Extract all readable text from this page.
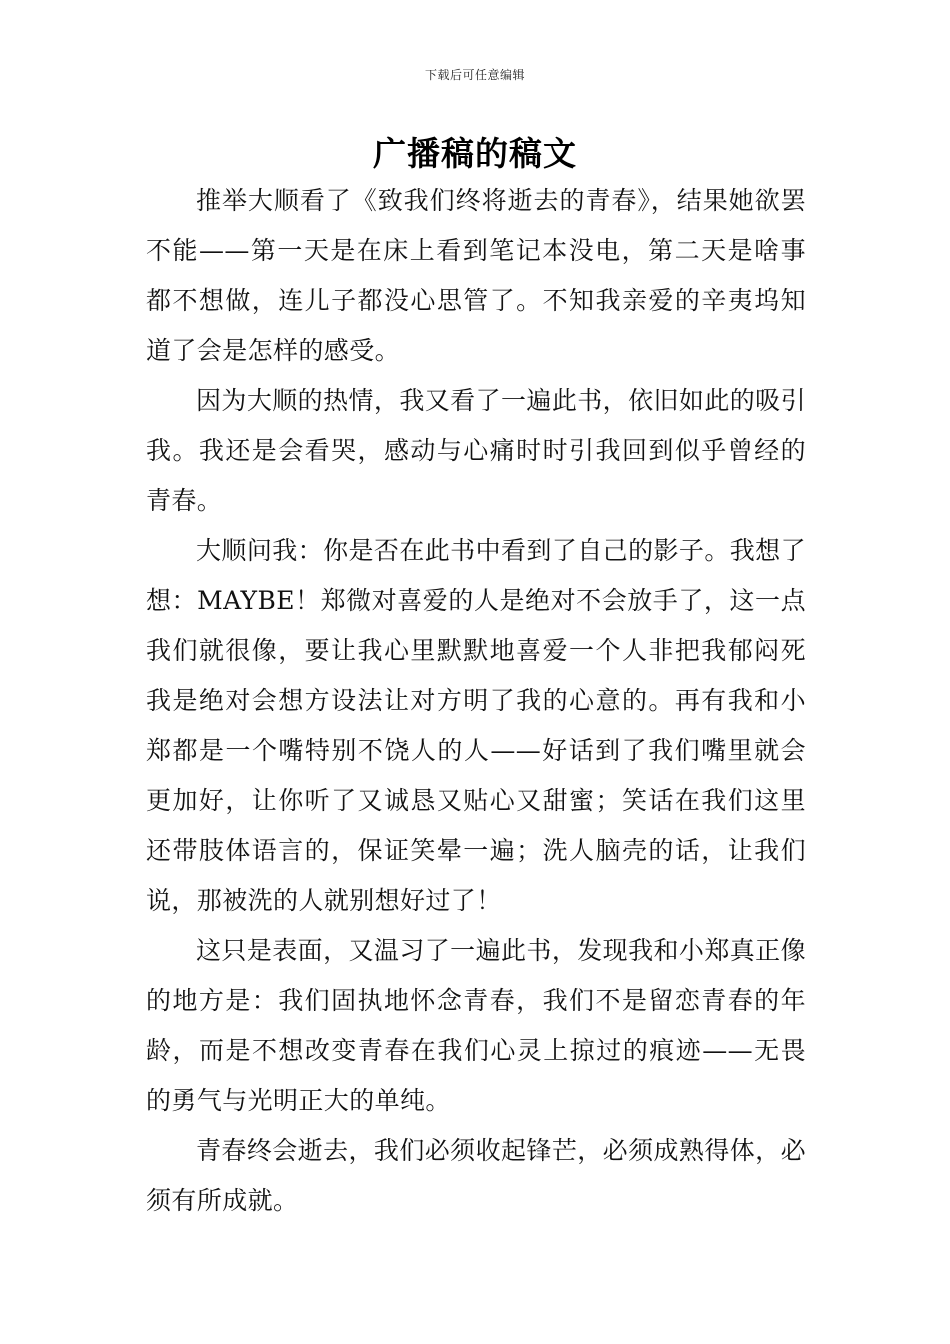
下载后可任意编辑
广播稿的稿文

推举大顺看了《致我们终将逝去的青春》，结果她欲罢不能——第一天是在床上看到笔记本没电，第二天是啥事都不想做，连儿子都没心思管了。不知我亲爱的辛夷坞知道了会是怎样的感受。

因为大顺的热情，我又看了一遍此书，依旧如此的吸引我。我还是会看哭，感动与心痛时时引我回到似乎曾经的青春。

大顺问我：你是否在此书中看到了自己的影子。我想了想：MAYBE！郑微对喜爱的人是绝对不会放手了，这一点我们就很像，要让我心里默默地喜爱一个人非把我郁闷死我是绝对会想方设法让对方明了我的心意的。再有我和小郑都是一个嘴特别不饶人的人——好话到了我们嘴里就会更加好，让你听了又诚恳又贴心又甜蜜；笑话在我们这里还带肢体语言的，保证笑晕一遍；洗人脑壳的话，让我们说，那被洗的人就别想好过了！

这只是表面，又温习了一遍此书，发现我和小郑真正像的地方是：我们固执地怀念青春，我们不是留恋青春的年龄，而是不想改变青春在我们心灵上掠过的痕迹——无畏的勇气与光明正大的单纯。

青春终会逝去，我们必须收起锋芒，必须成熟得体，必须有所成就。
